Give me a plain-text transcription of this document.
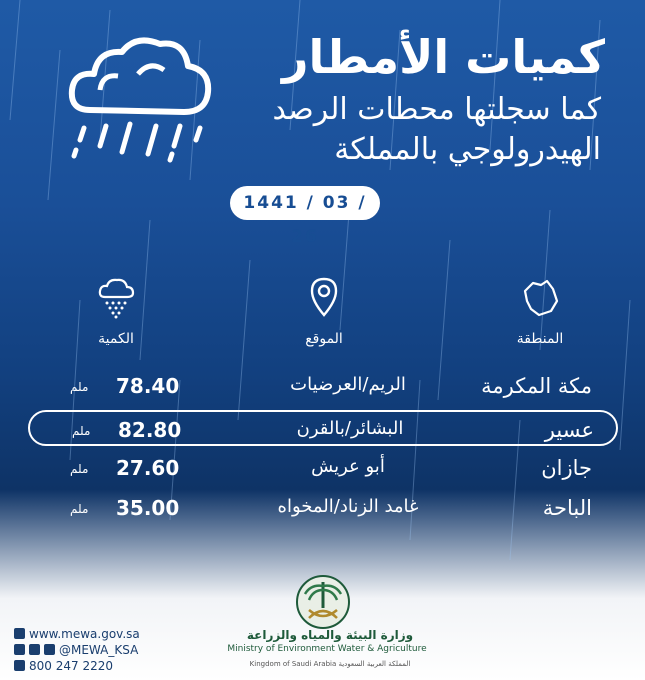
كميات الأمطار
كما سجلتها محطات الرصد
الهيدرولوجي بالمملكة
1441 / 03 / 26
المنطقة
الموقع
الكمية
مكة المكرمة
الريم/العرضيات
78.40
ملم
عسير
البشائر/بالقرن
82.80
ملم
جازان
أبو عريش
27.60
ملم
الباحة
غامد الزناد/المخواه
35.00
ملم
www.mewa.gov.sa
@MEWA_KSA
800 247 2220
وزارة البيئة والمياه والزراعة
Ministry of Environment Water & Agriculture
Kingdom of Saudi Arabia المملكة العربية السعودية
